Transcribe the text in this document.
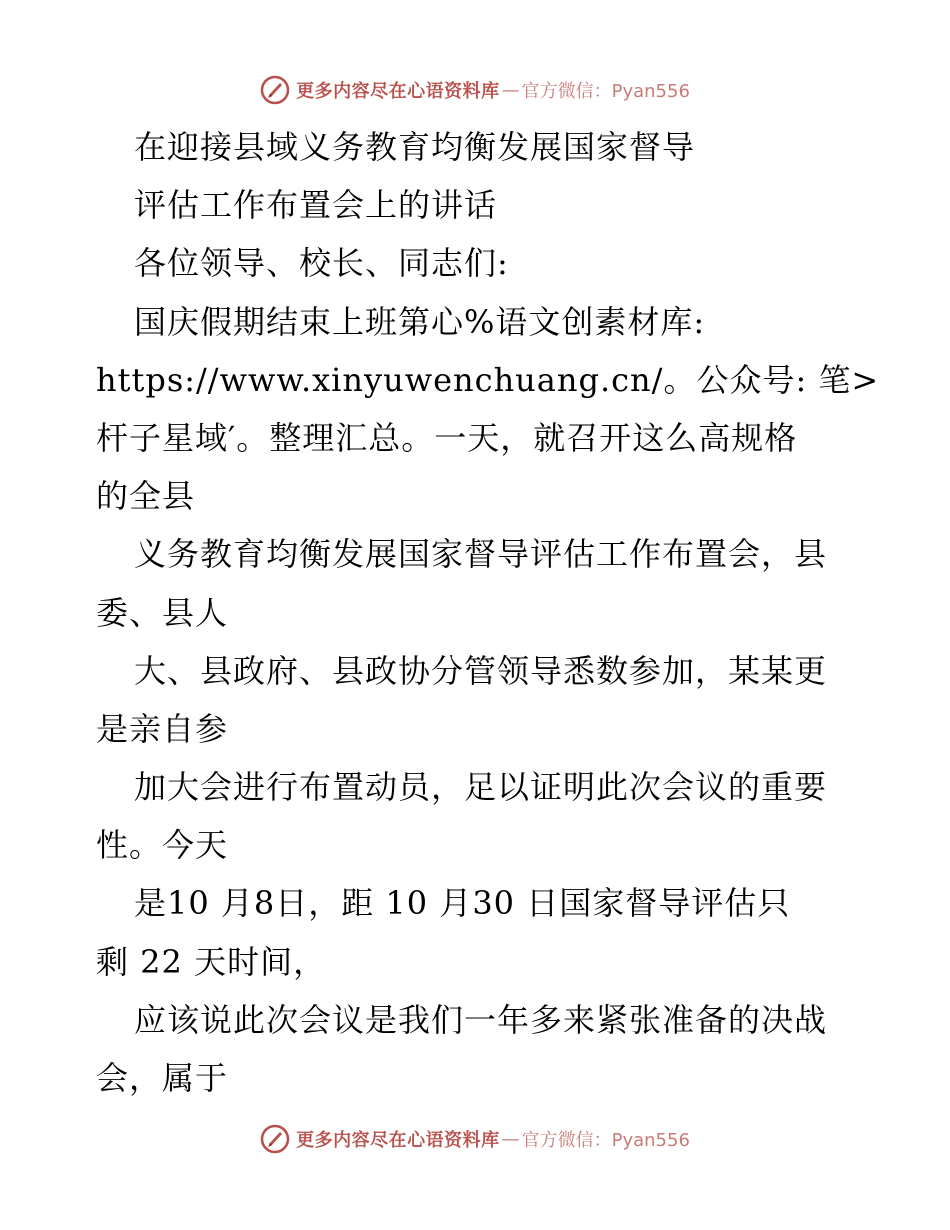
更多内容尽在心语资料库 — 官方微信：Pyan556
在迎接县域义务教育均衡发展国家督导
评估工作布置会上的讲话
各位领导、校长、同志们:
国庆假期结束上班第心%语文创素材库:
https://www.xinyuwenchuang.cn/。公众号: 笔>
杆子星域′。整理汇总。一天，就召开这么高规格
的全县
义务教育均衡发展国家督导评估工作布置会，县
委、县人
大、县政府、县政协分管领导悉数参加，某某更
是亲自参
加大会进行布置动员，足以证明此次会议的重要
性。今天
是10 月8日，距 10 月30 日国家督导评估只
剩 22 天时间，
应该说此次会议是我们一年多来紧张准备的决战
会，属于
更多内容尽在心语资料库 — 官方微信：Pyan556
